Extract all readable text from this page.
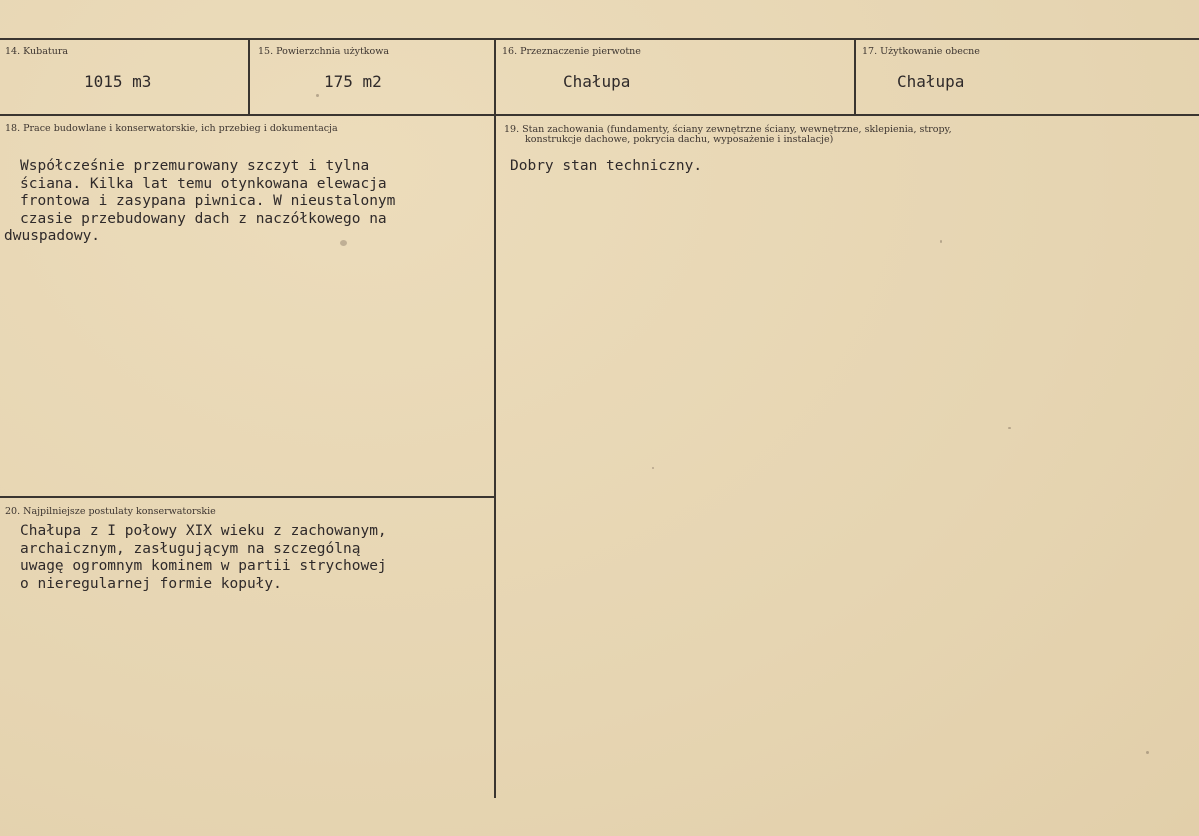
14. Kubatura
1015 m3
15. Powierzchnia użytkowa
175 m2
16. Przeznaczenie pierwotne
Chałupa
17. Użytkowanie obecne
Chałupa
18. Prace budowlane i konserwatorskie, ich przebieg i dokumentacja
Współcześnie przemurowany szczyt i tylna
ściana. Kilka lat temu otynkowana elewacja
frontowa i zasypana piwnica. W nieustalonym
czasie przebudowany dach z naczółkowego na
dwuspadowy.
19. Stan zachowania (fundamenty, ściany zewnętrzne ściany, wewnętrzne, sklepienia, stropy,
konstrukcje dachowe, pokrycia dachu, wyposażenie i instalacje)
Dobry stan techniczny.
20. Najpilniejsze postulaty konserwatorskie
Chałupa z I połowy XIX wieku z zachowanym,
archaicznym, zasługującym na szczególną
uwagę ogromnym kominem w partii strychowej
o nieregularnej formie kopuły.
